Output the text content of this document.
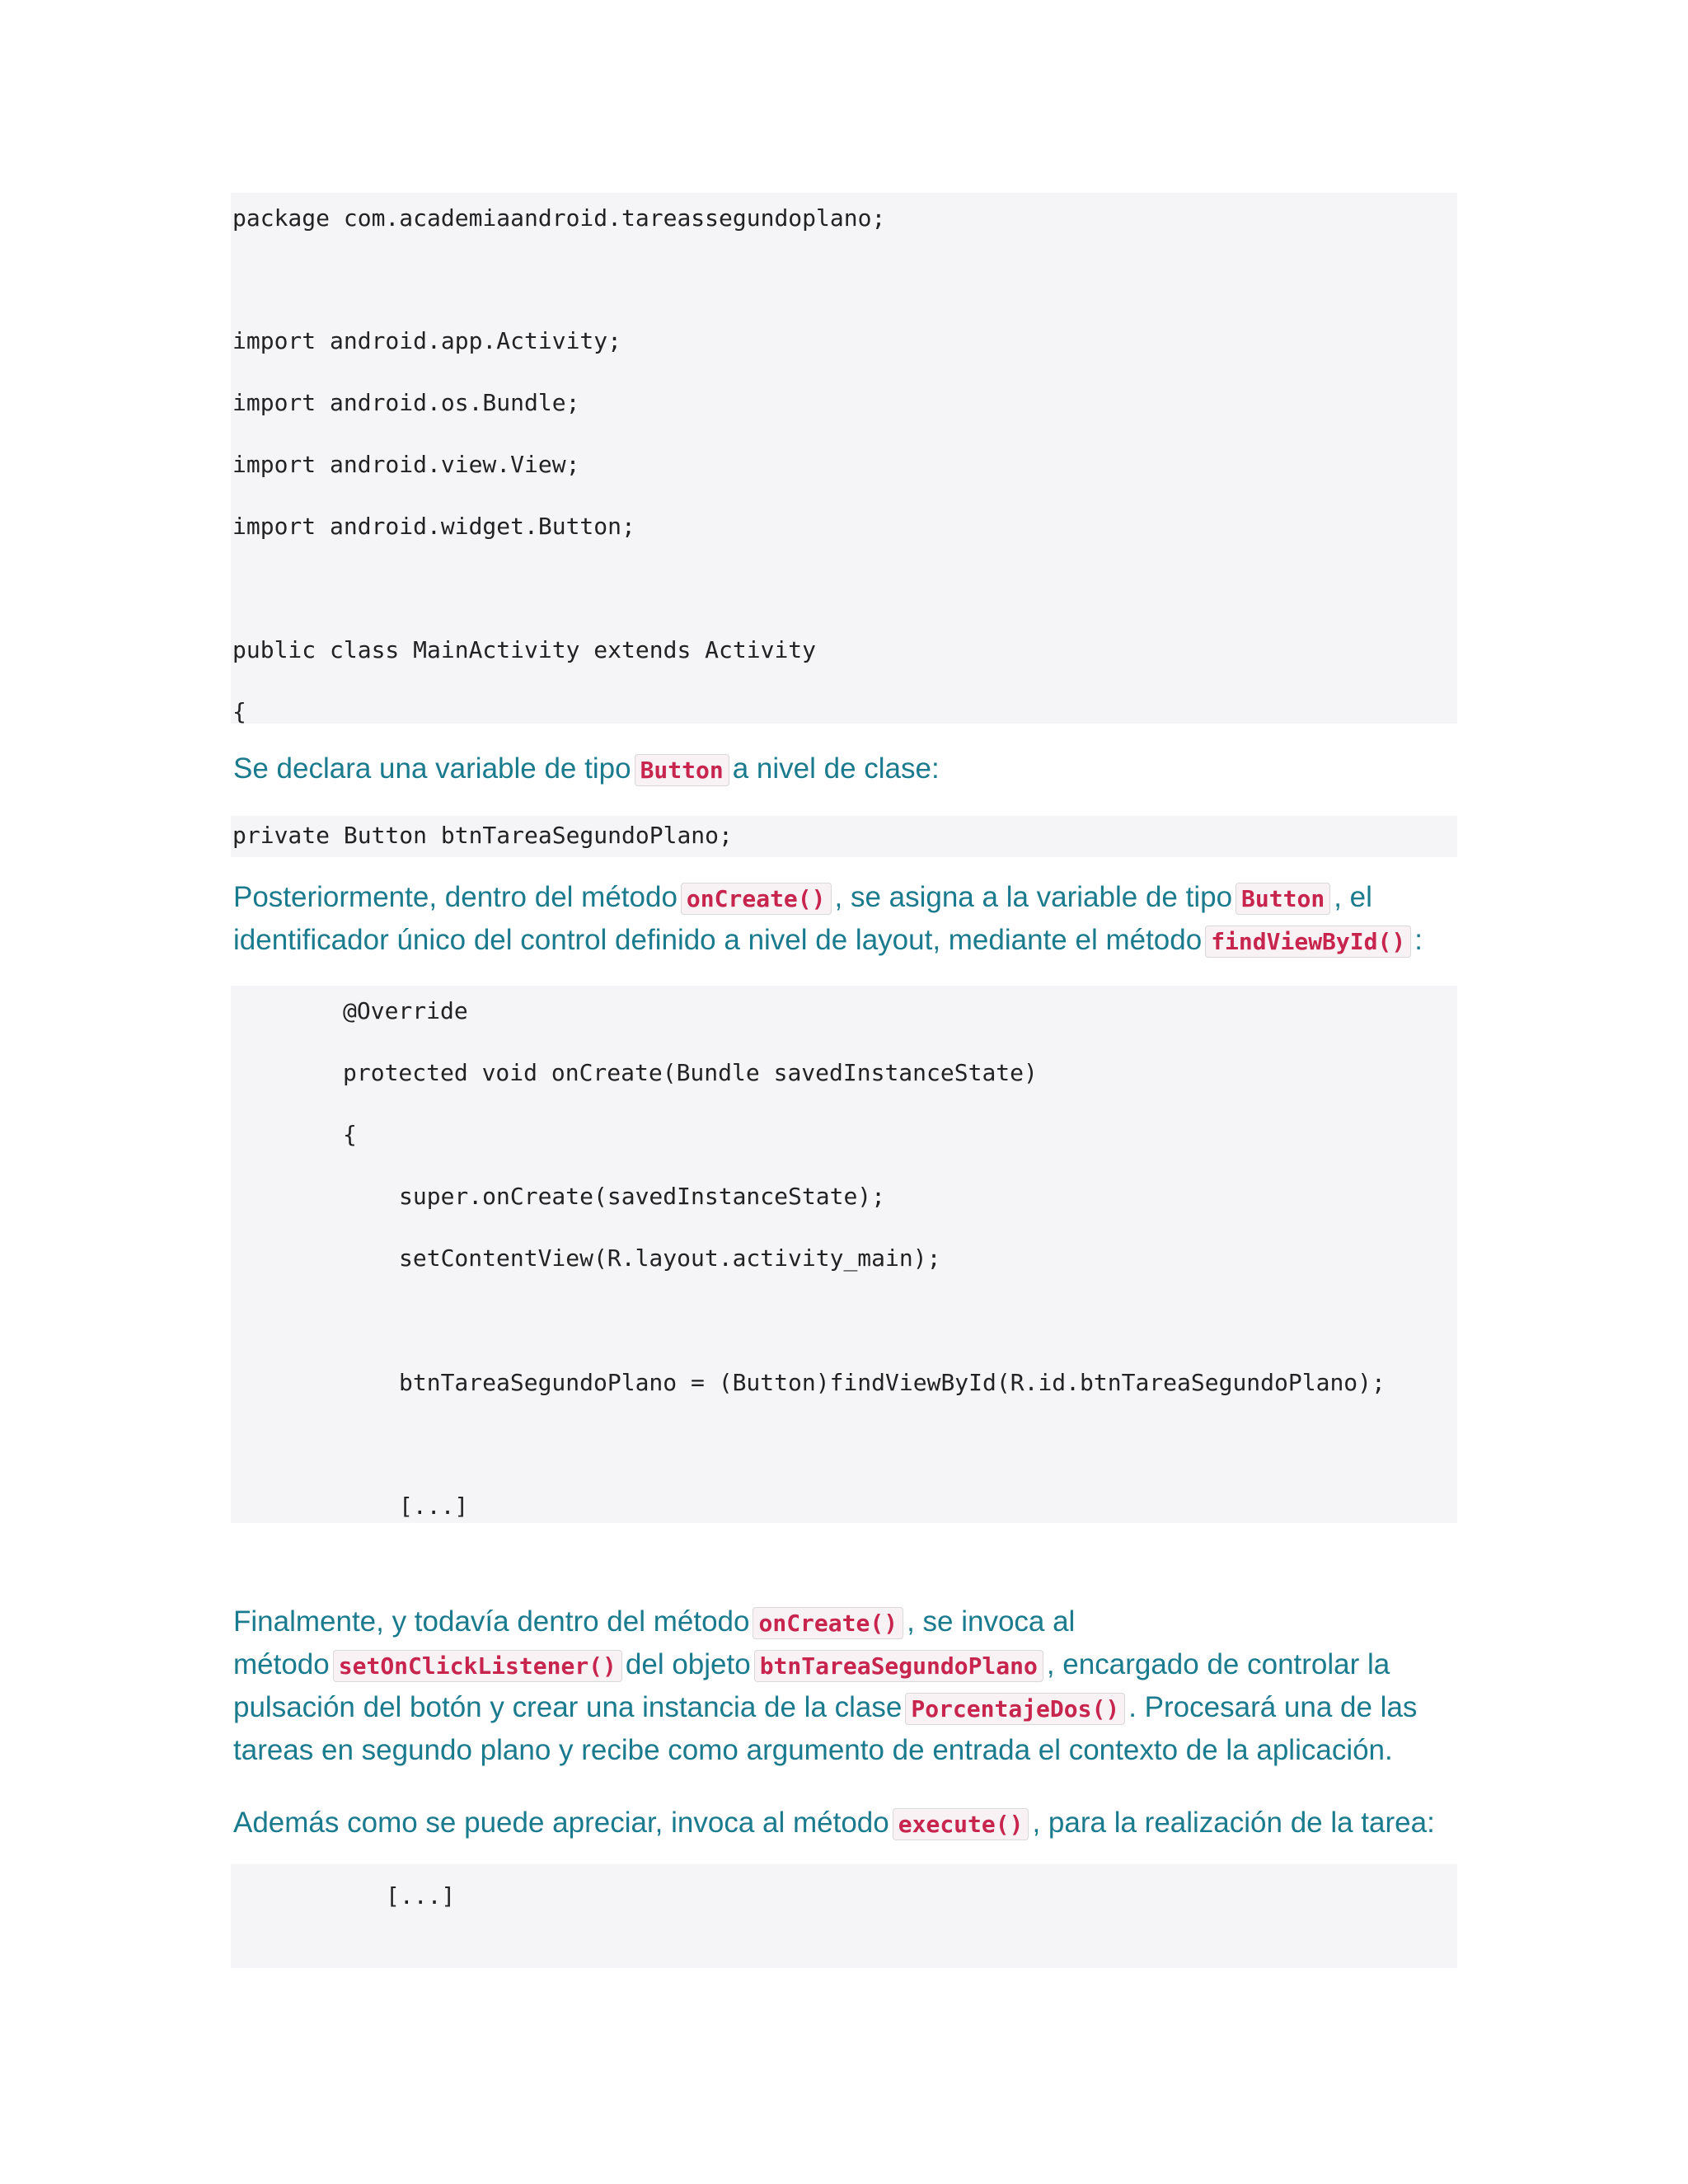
package com.academiaandroid.tareassegundoplano;
import android.app.Activity;
import android.os.Bundle;
import android.view.View;
import android.widget.Button;
public class MainActivity extends Activity
{
Se declara una variable de tipo Button a nivel de clase:
private Button btnTareaSegundoPlano;
Posteriormente, dentro del método onCreate() , se asigna a la variable de tipo Button , el
identificador único del control definido a nivel de layout, mediante el método findViewById() :
@Override
protected void onCreate(Bundle savedInstanceState)
{
super.onCreate(savedInstanceState);
setContentView(R.layout.activity_main);
btnTareaSegundoPlano = (Button)findViewById(R.id.btnTareaSegundoPlano);
[...]
Finalmente, y todavía dentro del método onCreate() , se invoca al
método setOnClickListener() del objeto btnTareaSegundoPlano , encargado de controlar la
pulsación del botón y crear una instancia de la clase PorcentajeDos() . Procesará una de las
tareas en segundo plano y recibe como argumento de entrada el contexto de la aplicación.
Además como se puede apreciar, invoca al método execute() , para la realización de la tarea:
[...]
